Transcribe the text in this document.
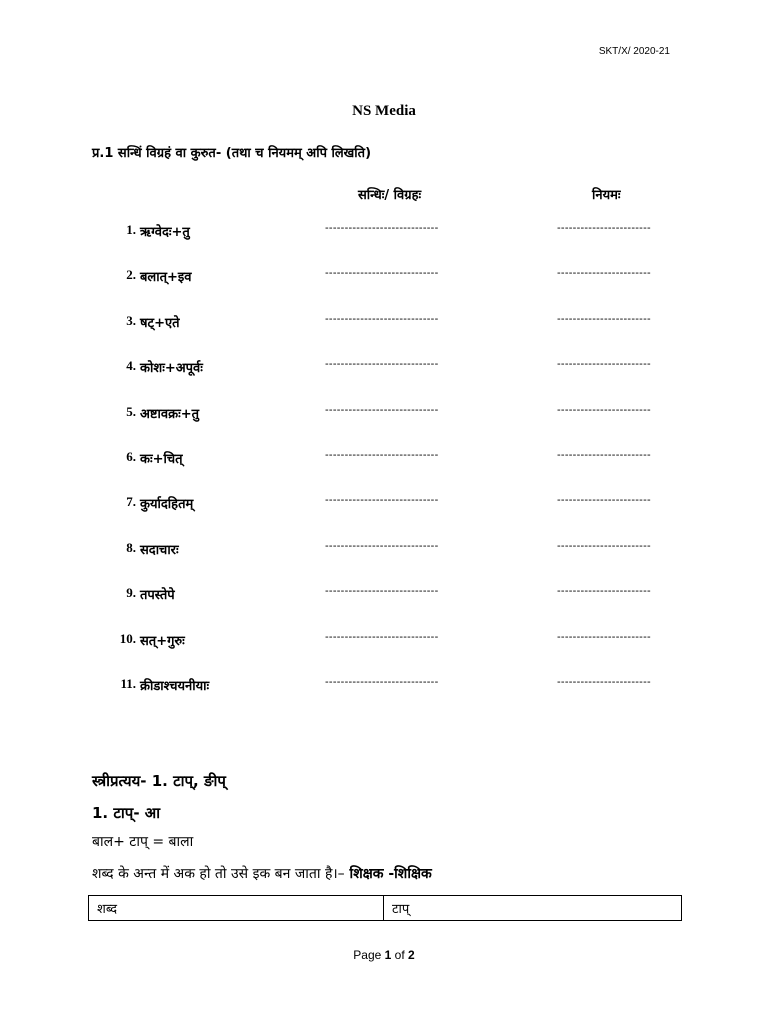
SKT/X/ 2020-21
NS Media
प्र.1 सन्धिं विग्रहं वा कुरुत- (तथा च नियमम् अपि लिखति)
सन्धिः/ विग्रहः	नियमः
1. ऋग्वेदः+तु	-----------------------------	------------------------
2. बलात्+इव	-----------------------------	------------------------
3. षट्+एते	-----------------------------	------------------------
4. कोशः+अपूर्वः	-----------------------------	------------------------
5. अष्टावक्रः+तु	-----------------------------	------------------------
6. कः+चित्	-----------------------------	------------------------
7. कुर्यादहितम्	-----------------------------	------------------------
8. सदाचारः	-----------------------------	------------------------
9. तपस्तेपे	-----------------------------	------------------------
10. सत्+गुरुः	-----------------------------	------------------------
11. क्रीडाश्चयनीयाः	-----------------------------	------------------------
स्त्रीप्रत्यय- 1. टाप्, ङीप्
1. टाप्- आ
बाल+ टाप् = बाला
शब्द के अन्त में अक हो तो उसे इक बन जाता है।– शिक्षक -शिक्षिक
शब्द	टाप्
Page 1 of 2
